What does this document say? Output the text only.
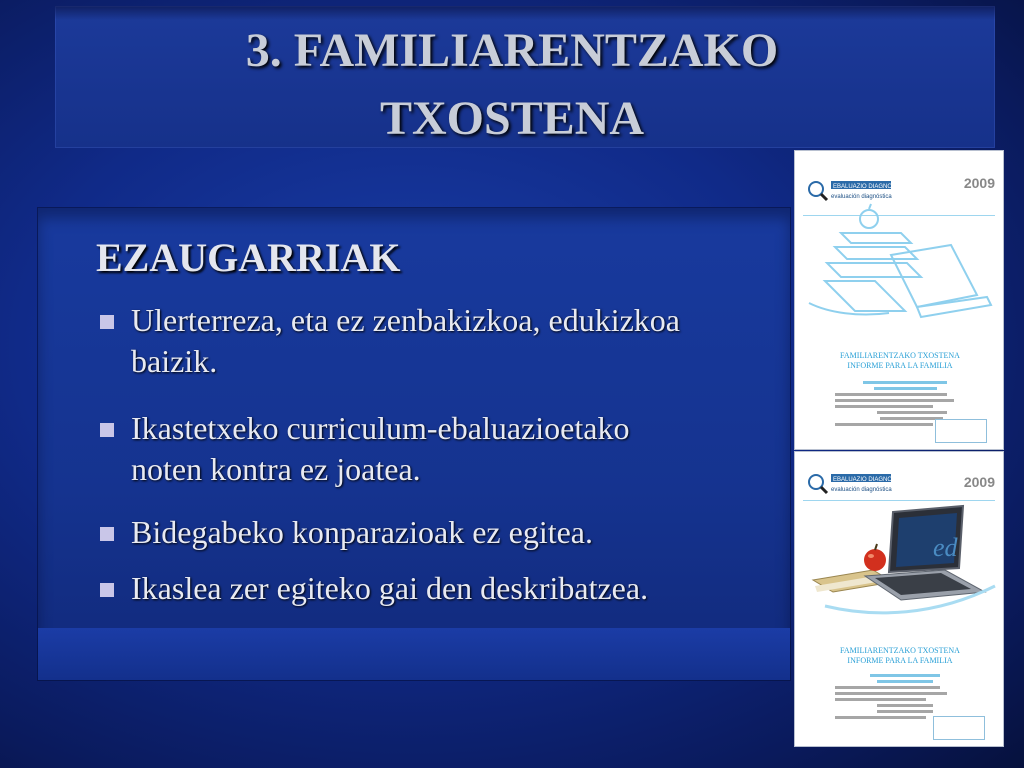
3. FAMILIARENTZAKO
TXOSTENA
EZAUGARRIAK
Ulerterreza, eta ez zenbakizkoa, edukizkoa
baizik.
Ikastetxeko curriculum-ebaluazioetako
noten kontra ez joatea.
Bidegabeko konparazioak ez egitea.
Ikaslea zer egiteko gai den deskribatzea.
EBALUAZIO DIAGNOSTIKOA
evaluación diagnóstica
2009
FAMILIARENTZAKO TXOSTENA
INFORME PARA LA FAMILIA
EBALUAZIO DIAGNOSTIKOA
evaluación diagnóstica	2009
ed
FAMILIARENTZAKO TXOSTENA
INFORME PARA LA FAMILIA
